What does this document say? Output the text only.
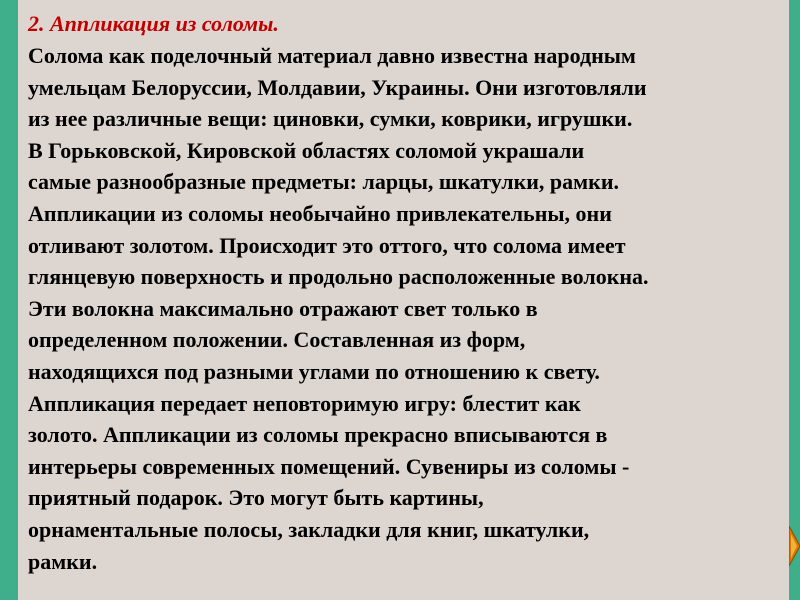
2. Аппликация из соломы.
Солома как поделочный материал давно известна народным
умельцам Белоруссии, Молдавии, Украины. Они изготовляли
из нее различные вещи: циновки, сумки, коврики, игрушки.
В Горьковской, Кировской областях соломой украшали
самые разнообразные предметы: ларцы, шкатулки, рамки.
Аппликации из соломы необычайно привлекательны, они
отливают золотом. Происходит это оттого, что солома имеет
глянцевую поверхность и продольно расположенные волокна.
Эти волокна максимально отражают свет только в
определенном положении. Составленная из форм,
находящихся под разными углами по отношению к свету.
Аппликация передает неповторимую игру: блестит как
золото. Аппликации из соломы прекрасно вписываются в
интерьеры современных помещений. Сувениры из соломы -
приятный подарок. Это могут быть картины,
орнаментальные полосы, закладки для книг, шкатулки,
рамки.
